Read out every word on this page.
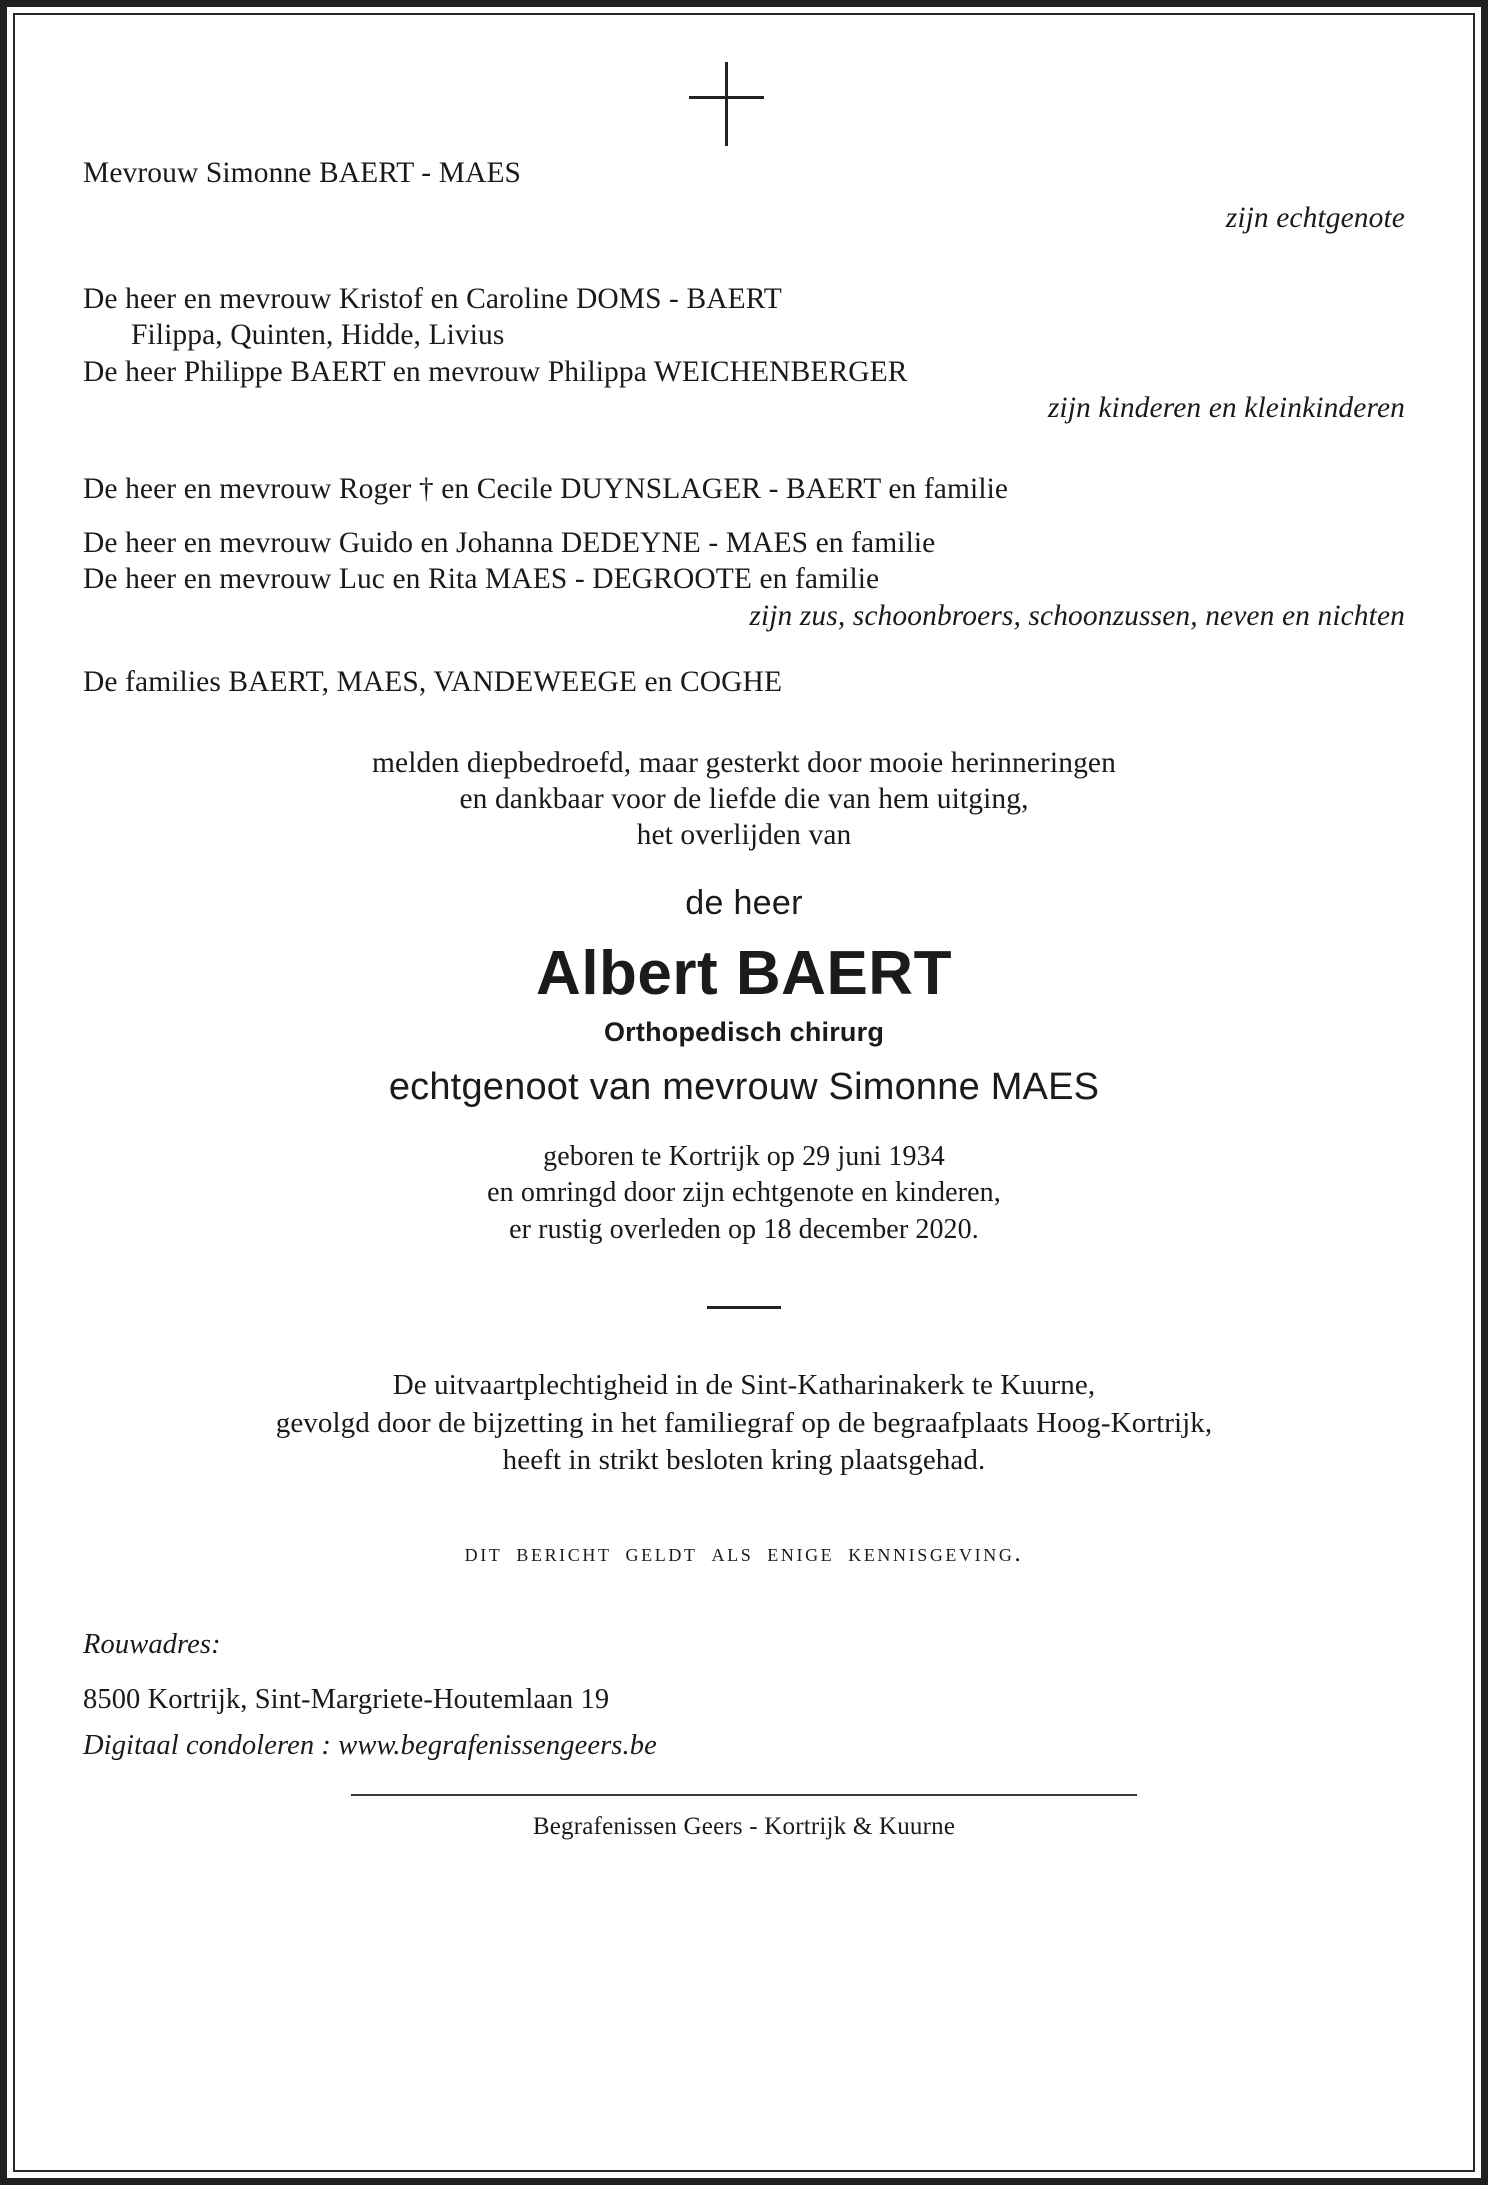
Mevrouw Simonne BAERT - MAES
zijn echtgenote
De heer en mevrouw Kristof en Caroline DOMS - BAERT
Filippa, Quinten, Hidde, Livius
De heer Philippe BAERT en mevrouw Philippa WEICHENBERGER
zijn kinderen en kleinkinderen
De heer en mevrouw Roger † en Cecile DUYNSLAGER - BAERT en familie
De heer en mevrouw Guido en Johanna DEDEYNE - MAES en familie
De heer en mevrouw Luc en Rita MAES - DEGROOTE en familie
zijn zus, schoonbroers, schoonzussen, neven en nichten
De families BAERT, MAES, VANDEWEEGE en COGHE
melden diepbedroefd, maar gesterkt door mooie herinneringen
en dankbaar voor de liefde die van hem uitging,
het overlijden van
de heer
Albert BAERT
Orthopedisch chirurg
echtgenoot van mevrouw Simonne MAES
geboren te Kortrijk op 29 juni 1934
en omringd door zijn echtgenote en kinderen,
er rustig overleden op 18 december 2020.
De uitvaartplechtigheid in de Sint-Katharinakerk te Kuurne,
gevolgd door de bijzetting in het familiegraf op de begraafplaats Hoog-Kortrijk,
heeft in strikt besloten kring plaatsgehad.
dit bericht geldt als enige kennisgeving.
Rouwadres:
8500 Kortrijk, Sint-Margriete-Houtemlaan 19
Digitaal condoleren : www.begrafenissengeers.be
Begrafenissen Geers - Kortrijk & Kuurne
